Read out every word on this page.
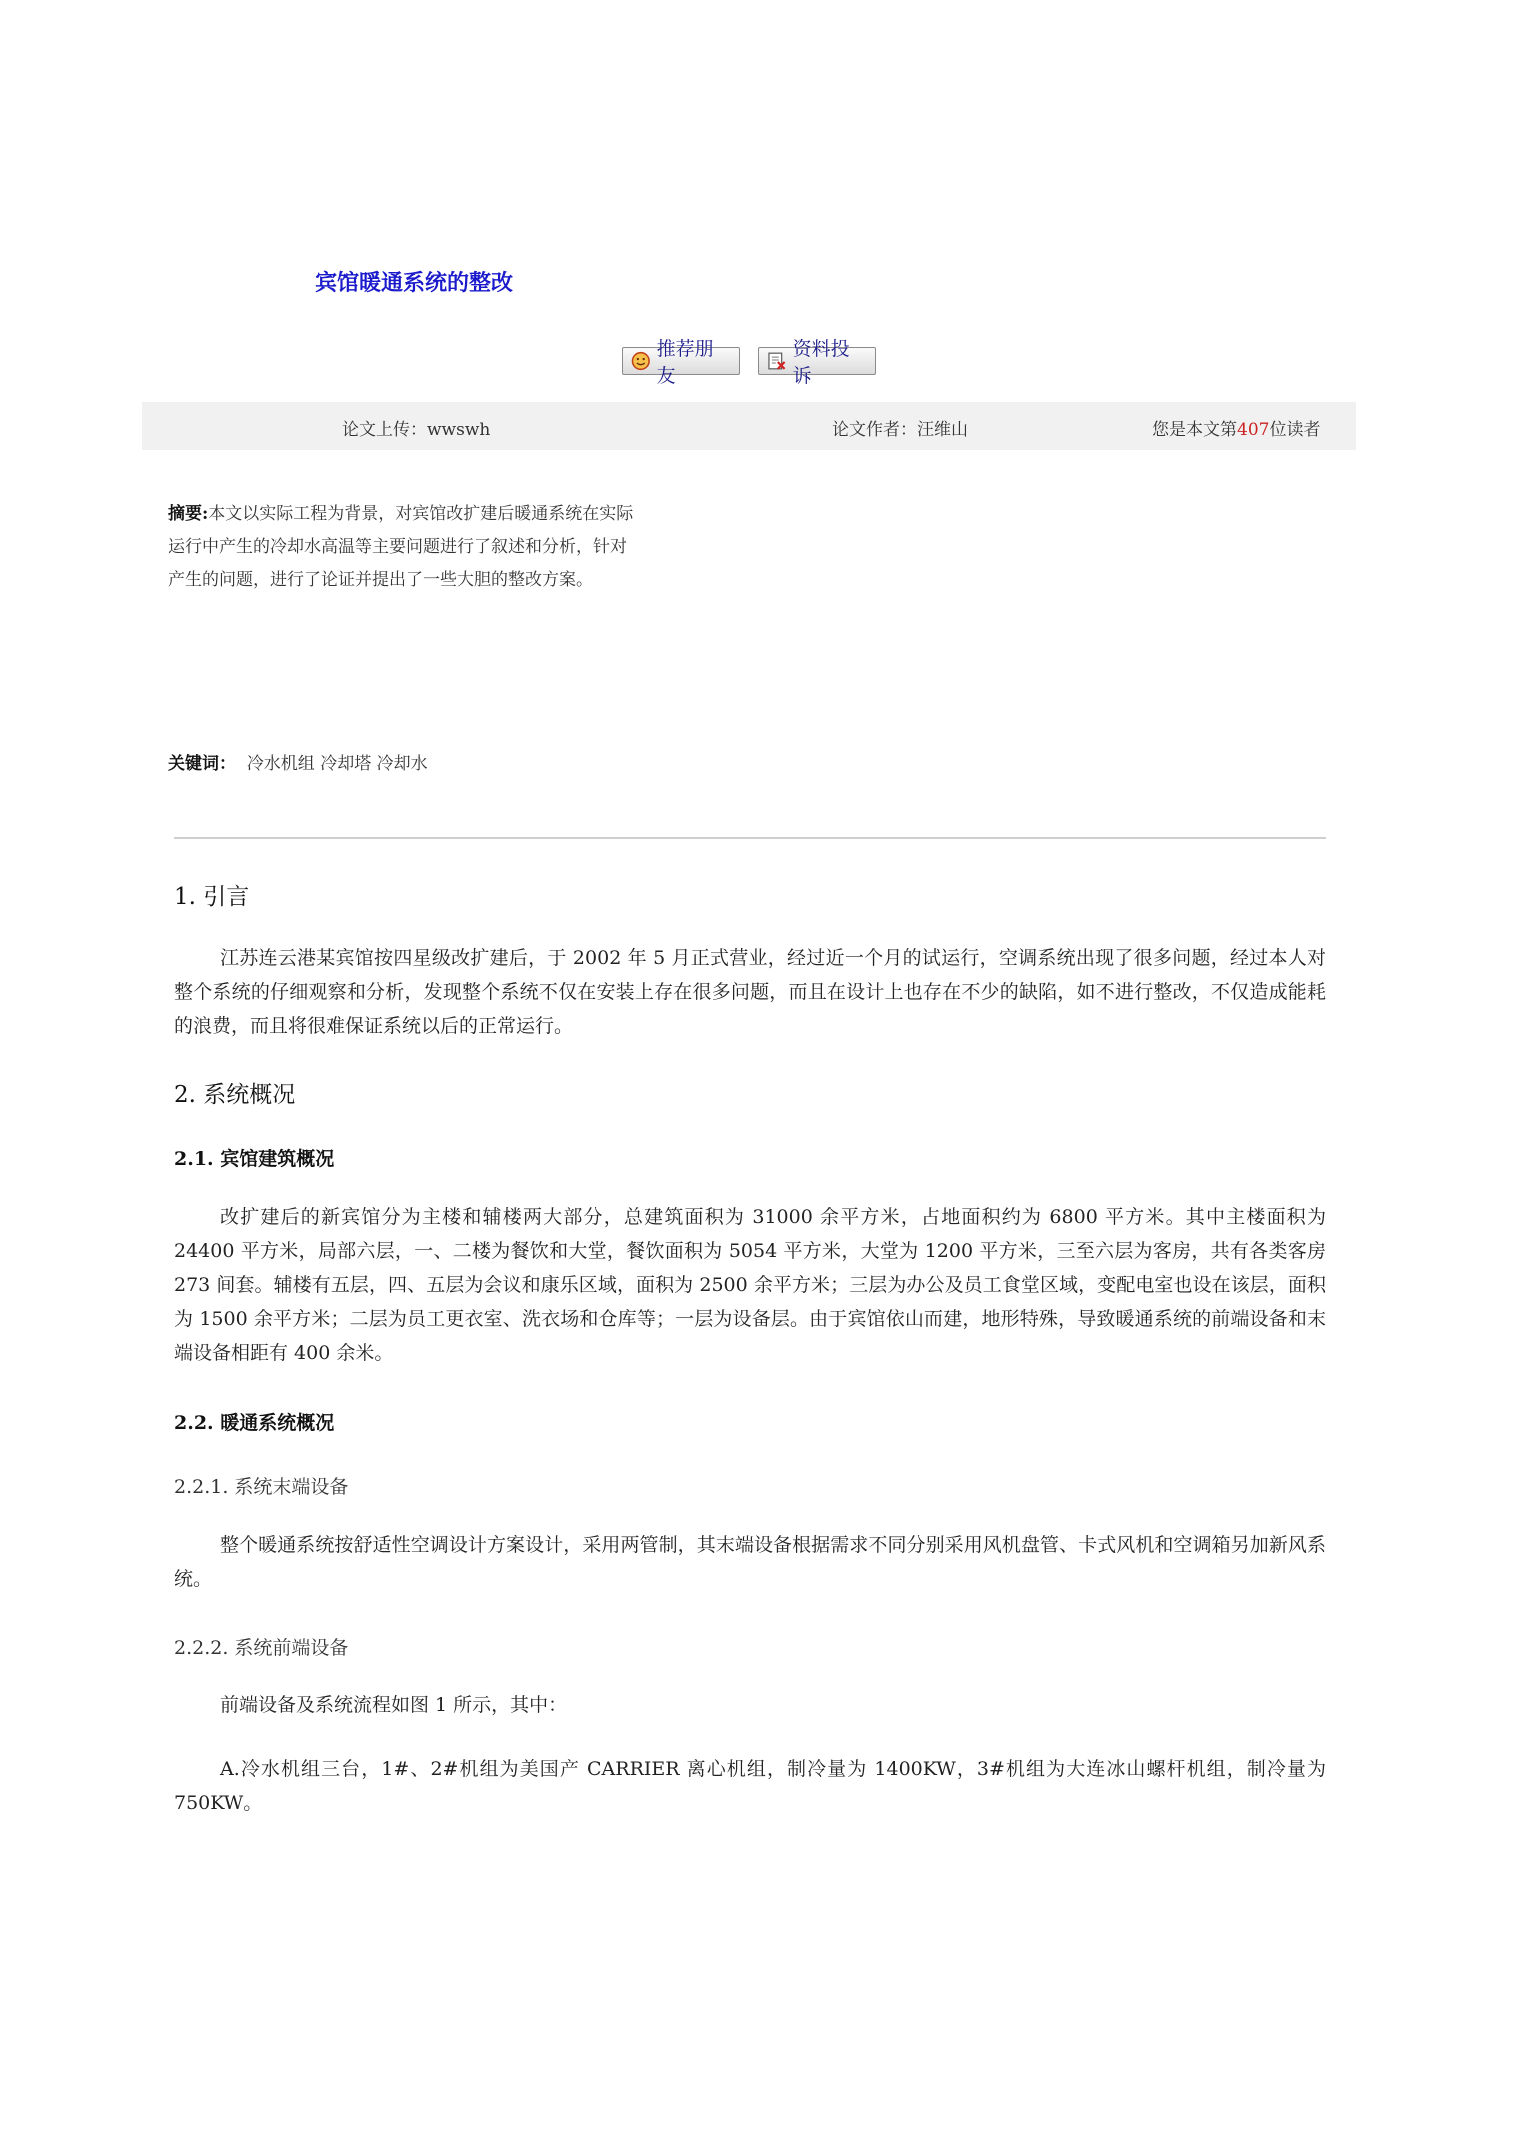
宾馆暖通系统的整改
推荐朋友
资料投诉
论文上传：wwswh	论文作者：汪维山	您是本文第407位读者
摘要:本文以实际工程为背景，对宾馆改扩建后暖通系统在实际运行中产生的冷却水高温等主要问题进行了叙述和分析，针对产生的问题，进行了论证并提出了一些大胆的整改方案。
关键词： 冷水机组 冷却塔 冷却水
1. 引言
江苏连云港某宾馆按四星级改扩建后，于 2002 年 5 月正式营业，经过近一个月的试运行，空调系统出现了很多问题，经过本人对整个系统的仔细观察和分析，发现整个系统不仅在安装上存在很多问题，而且在设计上也存在不少的缺陷，如不进行整改，不仅造成能耗的浪费，而且将很难保证系统以后的正常运行。
2. 系统概况
2.1. 宾馆建筑概况
改扩建后的新宾馆分为主楼和辅楼两大部分，总建筑面积为 31000 余平方米，占地面积约为 6800 平方米。其中主楼面积为 24400 平方米，局部六层，一、二楼为餐饮和大堂，餐饮面积为 5054 平方米，大堂为 1200 平方米，三至六层为客房，共有各类客房 273 间套。辅楼有五层，四、五层为会议和康乐区域，面积为 2500 余平方米；三层为办公及员工食堂区域，变配电室也设在该层，面积为 1500 余平方米；二层为员工更衣室、洗衣场和仓库等；一层为设备层。由于宾馆依山而建，地形特殊，导致暖通系统的前端设备和末端设备相距有 400 余米。
2.2. 暖通系统概况
2.2.1. 系统末端设备
整个暖通系统按舒适性空调设计方案设计，采用两管制，其末端设备根据需求不同分别采用风机盘管、卡式风机和空调箱另加新风系统。
2.2.2. 系统前端设备
前端设备及系统流程如图 1 所示，其中：
A.冷水机组三台，1#、2#机组为美国产 CARRIER 离心机组，制冷量为 1400KW，3#机组为大连冰山螺杆机组，制冷量为 750KW。
